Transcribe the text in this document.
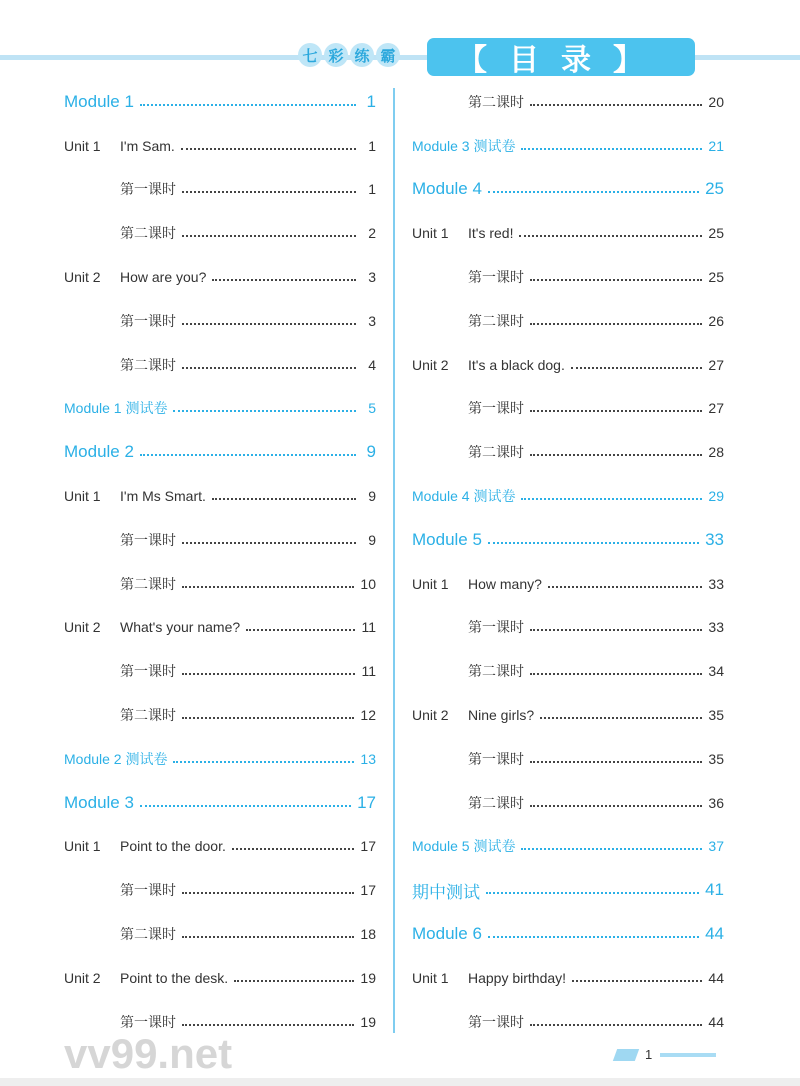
七 彩 练 霸	【目录】
Module 1	1
Unit 1	I'm Sam.	1
第一课时	1
第二课时	2
Unit 2	How are you?	3
第一课时	3
第二课时	4
Module 1 测试卷	5
Module 2	9
Unit 1	I'm Ms Smart.	9
第一课时	9
第二课时	10
Unit 2	What's your name?	11
第一课时	11
第二课时	12
Module 2 测试卷	13
Module 3	17
Unit 1	Point to the door.	17
第一课时	17
第二课时	18
Unit 2	Point to the desk.	19
第一课时	19
第二课时	20
Module 3 测试卷	21
Module 4	25
Unit 1	It's red!	25
第一课时	25
第二课时	26
Unit 2	It's a black dog.	27
第一课时	27
第二课时	28
Module 4 测试卷	29
Module 5	33
Unit 1	How many?	33
第一课时	33
第二课时	34
Unit 2	Nine girls?	35
第一课时	35
第二课时	36
Module 5 测试卷	37
期中测试	41
Module 6	44
Unit 1	Happy birthday!	44
第一课时	44
vv99.net	1
